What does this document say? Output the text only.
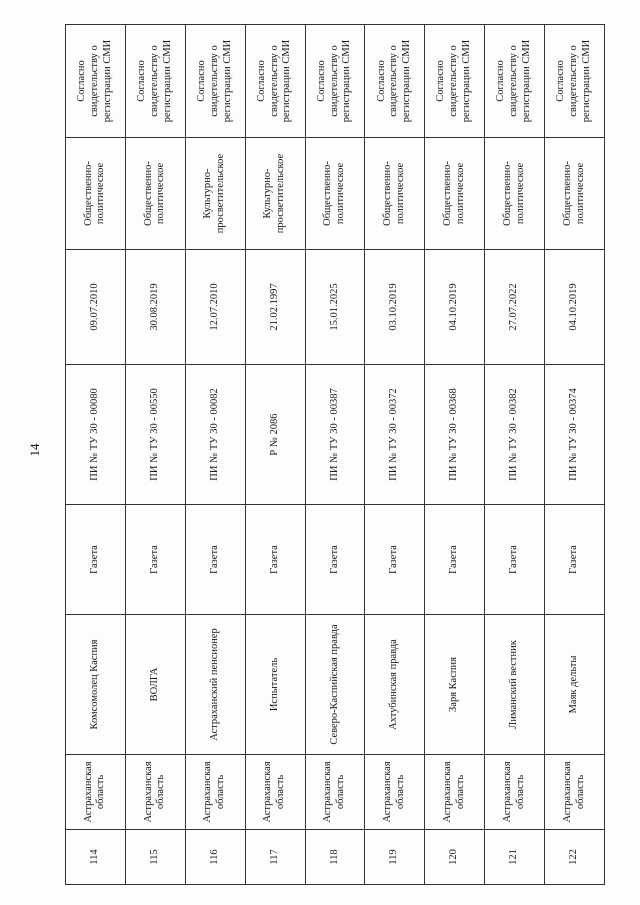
14
114	Астраханская область	Комсомолец Каспия	Газета	ПИ № ТУ 30 - 00080	09.07.2010	Общественно-политическое	Согласно свидетельству о регистрации СМИ
115	Астраханская область	ВОЛГА	Газета	ПИ № ТУ 30 - 00550	30.08.2019	Общественно-политическое	Согласно свидетельству о регистрации СМИ
116	Астраханская область	Астраханский пенсионер	Газета	ПИ № ТУ 30 - 00082	12.07.2010	Культурно-просветительское	Согласно свидетельству о регистрации СМИ
117	Астраханская область	Испытатель	Газета	Р № 2086	21.02.1997	Культурно-просветительское	Согласно свидетельству о регистрации СМИ
118	Астраханская область	Северо-Каспийская правда	Газета	ПИ № ТУ 30 - 00387	15.01.2025	Общественно-политическое	Согласно свидетельству о регистрации СМИ
119	Астраханская область	Ахтубинская правда	Газета	ПИ № ТУ 30 - 00372	03.10.2019	Общественно-политическое	Согласно свидетельству о регистрации СМИ
120	Астраханская область	Заря Каспия	Газета	ПИ № ТУ 30 - 00368	04.10.2019	Общественно-политическое	Согласно свидетельству о регистрации СМИ
121	Астраханская область	Лиманский вестник	Газета	ПИ № ТУ 30 - 00382	27.07.2022	Общественно-политическое	Согласно свидетельству о регистрации СМИ
122	Астраханская область	Маяк дельты	Газета	ПИ № ТУ 30 - 00374	04.10.2019	Общественно-политическое	Согласно свидетельству о регистрации СМИ
